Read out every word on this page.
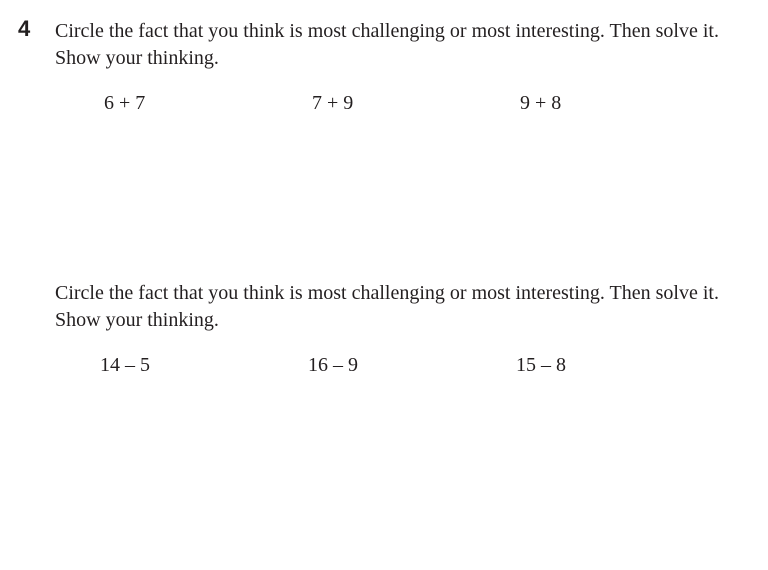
4 Circle the fact that you think is most challenging or most interesting. Then solve it.
Show your thinking.
6 + 7	7 + 9	9 + 8
Circle the fact that you think is most challenging or most interesting. Then solve it.
Show your thinking.
14 – 5	16 – 9	15 – 8
